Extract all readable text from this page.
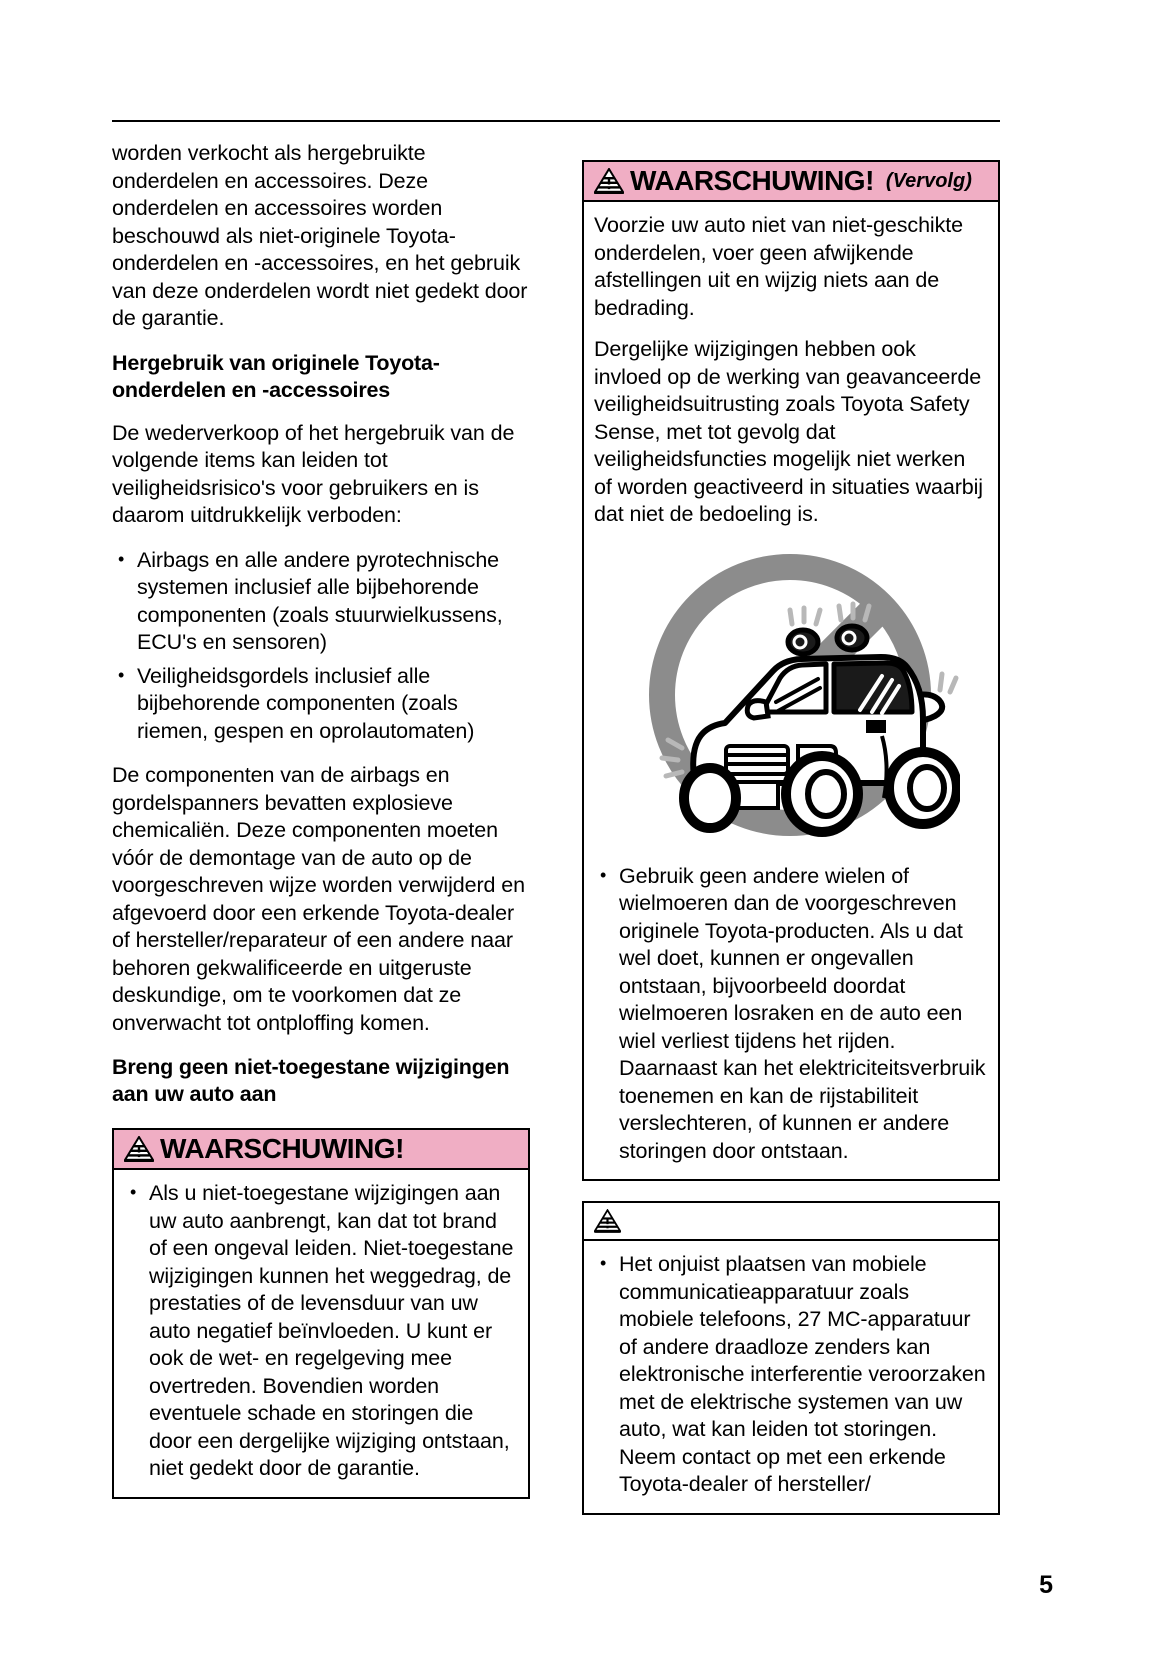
worden verkocht als hergebruikte onderdelen en accessoires. Deze onderdelen en accessoires worden beschouwd als niet-originele Toyota-onderdelen en -accessoires, en het gebruik van deze onderdelen wordt niet gedekt door de garantie.

Hergebruik van originele Toyota-onderdelen en -accessoires

De wederverkoop of het hergebruik van de volgende items kan leiden tot veiligheidsrisico's voor gebruikers en is daarom uitdrukkelijk verboden:

• Airbags en alle andere pyrotechnische systemen inclusief alle bijbehorende componenten (zoals stuurwielkussens, ECU's en sensoren)
• Veiligheidsgordels inclusief alle bijbehorende componenten (zoals riemen, gespen en oprolautomaten)

De componenten van de airbags en gordelspanners bevatten explosieve chemicaliën. Deze componenten moeten vóór de demontage van de auto op de voorgeschreven wijze worden verwijderd en afgevoerd door een erkende Toyota-dealer of hersteller/reparateur of een andere naar behoren gekwalificeerde en uitgeruste deskundige, om te voorkomen dat ze onverwacht tot ontploffing komen.

Breng geen niet-toegestane wijzigingen aan uw auto aan
WAARSCHUWING!
• Als u niet-toegestane wijzigingen aan uw auto aanbrengt, kan dat tot brand of een ongeval leiden. Niet-toegestane wijzigingen kunnen het weggedrag, de prestaties of de levensduur van uw auto negatief beïnvloeden. U kunt er ook de wet- en regelgeving mee overtreden. Bovendien worden eventuele schade en storingen die door een dergelijke wijziging ontstaan, niet gedekt door de garantie.
WAARSCHUWING! (Vervolg)

Voorzie uw auto niet van niet-geschikte onderdelen, voer geen afwijkende afstellingen uit en wijzig niets aan de bedrading.

Dergelijke wijzigingen hebben ook invloed op de werking van geavanceerde veiligheidsuitrusting zoals Toyota Safety Sense, met tot gevolg dat veiligheidsfuncties mogelijk niet werken of worden geactiveerd in situaties waarbij dat niet de bedoeling is.

• Gebruik geen andere wielen of wielmoeren dan de voorgeschreven originele Toyota-producten. Als u dat wel doet, kunnen er ongevallen ontstaan, bijvoorbeeld doordat wielmoeren losraken en de auto een wiel verliest tijdens het rijden. Daarnaast kan het elektriciteitsverbruik toenemen en kan de rijstabiliteit verslechteren, of kunnen er andere storingen door ontstaan.
• Het onjuist plaatsen van mobiele communicatieapparatuur zoals mobiele telefoons, 27 MC-apparatuur of andere draadloze zenders kan elektronische interferentie veroorzaken met de elektrische systemen van uw auto, wat kan leiden tot storingen. Neem contact op met een erkende Toyota-dealer of hersteller/
5
